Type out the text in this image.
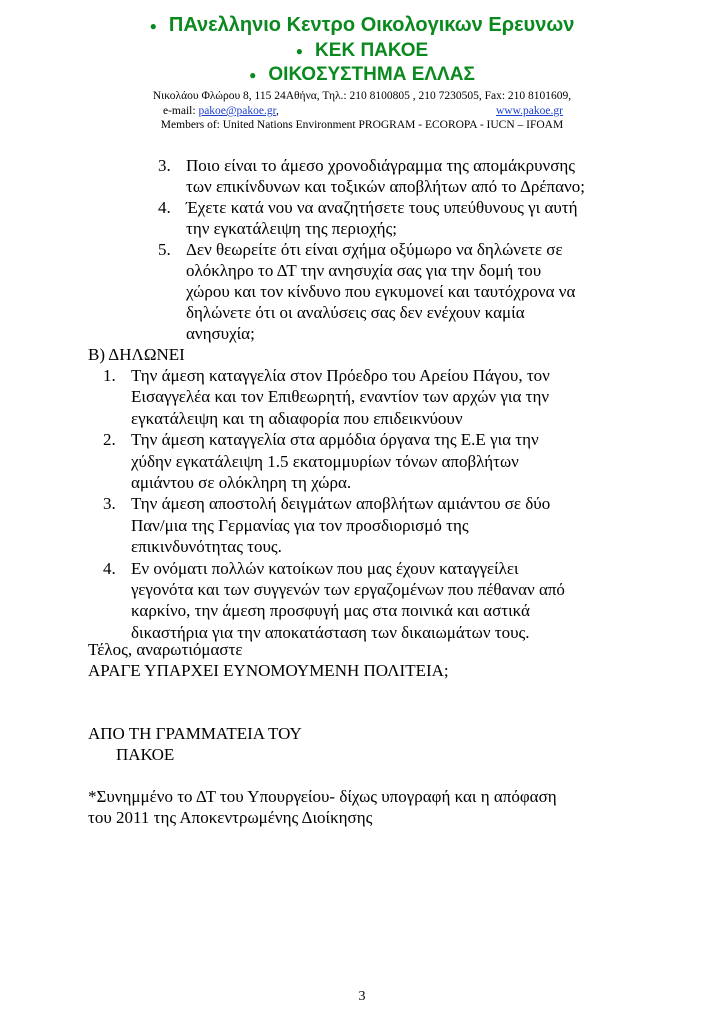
● ΠΑνελληνιο Κεντρο Οικολογικων Ερευνων
● ΚΕΚ ΠΑΚΟΕ
● ΟΙΚΟΣΥΣΤΗΜΑ ΕΛΛΑΣ
Νικολάου Φλώρου 8, 115 24Αθήνα, Τηλ.: 210 8100805 , 210 7230505, Fax: 210 8101609,
e-mail: pakoe@pakoe.gr,	www.pakoe.gr
Members of: United Nations Environment PROGRAM - ECOROPA - IUCN – IFOAM
3. Ποιο είναι το άμεσο χρονοδιάγραμμα της απομάκρυνσης
των επικίνδυνων και τοξικών αποβλήτων από το Δρέπανο;
4. Έχετε κατά νου να αναζητήσετε τους υπεύθυνους γι αυτή
την εγκατάλειψη της περιοχής;
5. Δεν θεωρείτε ότι είναι σχήμα οξύμωρο να δηλώνετε σε
ολόκληρο το ΔΤ την ανησυχία σας για την δομή του
χώρου και τον κίνδυνο που εγκυμονεί και ταυτόχρονα να
δηλώνετε ότι οι αναλύσεις σας δεν ενέχουν καμία
ανησυχία;
Β) ΔΗΛΩΝΕΙ
1. Την άμεση καταγγελία στον Πρόεδρο του Αρείου Πάγου, τον
Εισαγγελέα και τον Επιθεωρητή, εναντίον των αρχών για την
εγκατάλειψη και τη αδιαφορία που επιδεικνύουν
2. Την άμεση καταγγελία στα αρμόδια όργανα της Ε.Ε για την
χύδην εγκατάλειψη 1.5 εκατομμυρίων τόνων αποβλήτων
αμιάντου σε ολόκληρη τη χώρα.
3. Την άμεση αποστολή δειγμάτων αποβλήτων αμιάντου σε δύο
Παν/μια της Γερμανίας για τον προσδιορισμό της
επικινδυνότητας τους.
4. Εν ονόματι πολλών κατοίκων που μας έχουν καταγγείλει
γεγονότα και των συγγενών των εργαζομένων που πέθαναν από
καρκίνο, την άμεση προσφυγή μας στα ποινικά και αστικά
δικαστήρια για την αποκατάσταση των δικαιωμάτων τους.
Τέλος, αναρωτιόμαστε
ΑΡΑΓΕ ΥΠΑΡΧΕΙ ΕΥΝΟΜΟΥΜΕΝΗ ΠΟΛΙΤΕΙΑ;
ΑΠΟ ΤΗ ΓΡΑΜΜΑΤΕΙΑ ΤΟΥ
ΠΑΚΟΕ
*Συνημμένο το ΔΤ του Υπουργείου- δίχως υπογραφή και η απόφαση
του 2011 της Αποκεντρωμένης Διοίκησης
3
